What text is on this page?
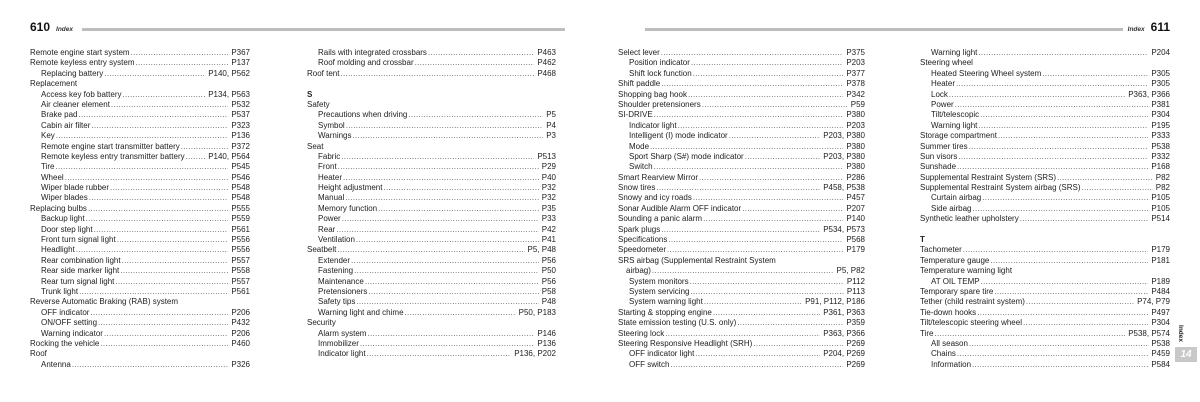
610 Index	Index 611
Remote engine start system .....	P367
Remote keyless entry system .....	P137
Replacing battery .....	P140, P562
Replacement
Access key fob battery .....	P134, P563
Air cleaner element .....	P532
Brake pad .....	P537
Cabin air filter .....	P323
Key .....	P136
Remote engine start transmitter battery .....	P372
Remote keyless entry transmitter battery .....	P140, P564
Tire .....	P545
Wheel .....	P546
Wiper blade rubber .....	P548
Wiper blades .....	P548
Replacing bulbs .....	P555
Backup light .....	P559
Door step light .....	P561
Front turn signal light .....	P556
Headlight .....	P556
Rear combination light .....	P557
Rear side marker light .....	P558
Rear turn signal light .....	P557
Trunk light .....	P561
Reverse Automatic Braking (RAB) system
OFF indicator .....	P206
ON/OFF setting .....	P432
Warning indicator .....	P206
Rocking the vehicle .....	P460
Roof
Antenna .....	P326
Rails with integrated crossbars .....	P463
Roof molding and crossbar .....	P462
Roof tent .....	P468
S
Safety
Precautions when driving .....	P5
Symbol .....	P4
Warnings .....	P3
Seat
Fabric .....	P513
Front .....	P29
Heater .....	P40
Height adjustment .....	P32
Manual .....	P32
Memory function .....	P35
Power .....	P33
Rear .....	P42
Ventilation .....	P41
Seatbelt .....	P5, P48
Extender .....	P56
Fastening .....	P50
Maintenance .....	P56
Pretensioners .....	P58
Safety tips .....	P48
Warning light and chime .....	P50, P183
Security
Alarm system .....	P146
Immobilizer .....	P136
Indicator light .....	P136, P202
Select lever .....	P375
Position indicator .....	P203
Shift lock function .....	P377
Shift paddle .....	P378
Shopping bag hook .....	P342
Shoulder pretensioners .....	P59
SI-DRIVE .....	P380
Indicator light .....	P203
Intelligent (I) mode indicator .....	P203, P380
Mode .....	P380
Sport Sharp (S#) mode indicator .....	P203, P380
Switch .....	P380
Smart Rearview Mirror .....	P286
Snow tires .....	P458, P538
Snowy and icy roads .....	P457
Sonar Audible Alarm OFF indicator .....	P207
Sounding a panic alarm .....	P140
Spark plugs .....	P534, P573
Specifications .....	P568
Speedometer .....	P179
SRS airbag (Supplemental Restraint System
airbag) .....	P5, P82
System monitors .....	P112
System servicing .....	P113
System warning light .....	P91, P112, P186
Starting & stopping engine .....	P361, P363
State emission testing (U.S. only) .....	P359
Steering lock .....	P363, P366
Steering Responsive Headlight (SRH) .....	P269
OFF indicator light .....	P204, P269
OFF switch .....	P269
Warning light .....	P204
Steering wheel
Heated Steering Wheel system .....	P305
Heater .....	P305
Lock .....	P363, P366
Power .....	P381
Tilt/telescopic .....	P304
Warning light .....	P195
Storage compartment .....	P333
Summer tires .....	P538
Sun visors .....	P332
Sunshade .....	P168
Supplemental Restraint System (SRS) .....	P82
Supplemental Restraint System airbag (SRS) .....	P82
Curtain airbag .....	P105
Side airbag .....	P105
Synthetic leather upholstery .....	P514
T
Tachometer .....	P179
Temperature gauge .....	P181
Temperature warning light
AT OIL TEMP .....	P189
Temporary spare tire .....	P484
Tether (child restraint system) .....	P74, P79
Tie-down hooks .....	P497
Tilt/telescopic steering wheel .....	P304
Tire .....	P538, P574
All season .....	P538
Chains .....	P459
Information .....	P584
Index
14
